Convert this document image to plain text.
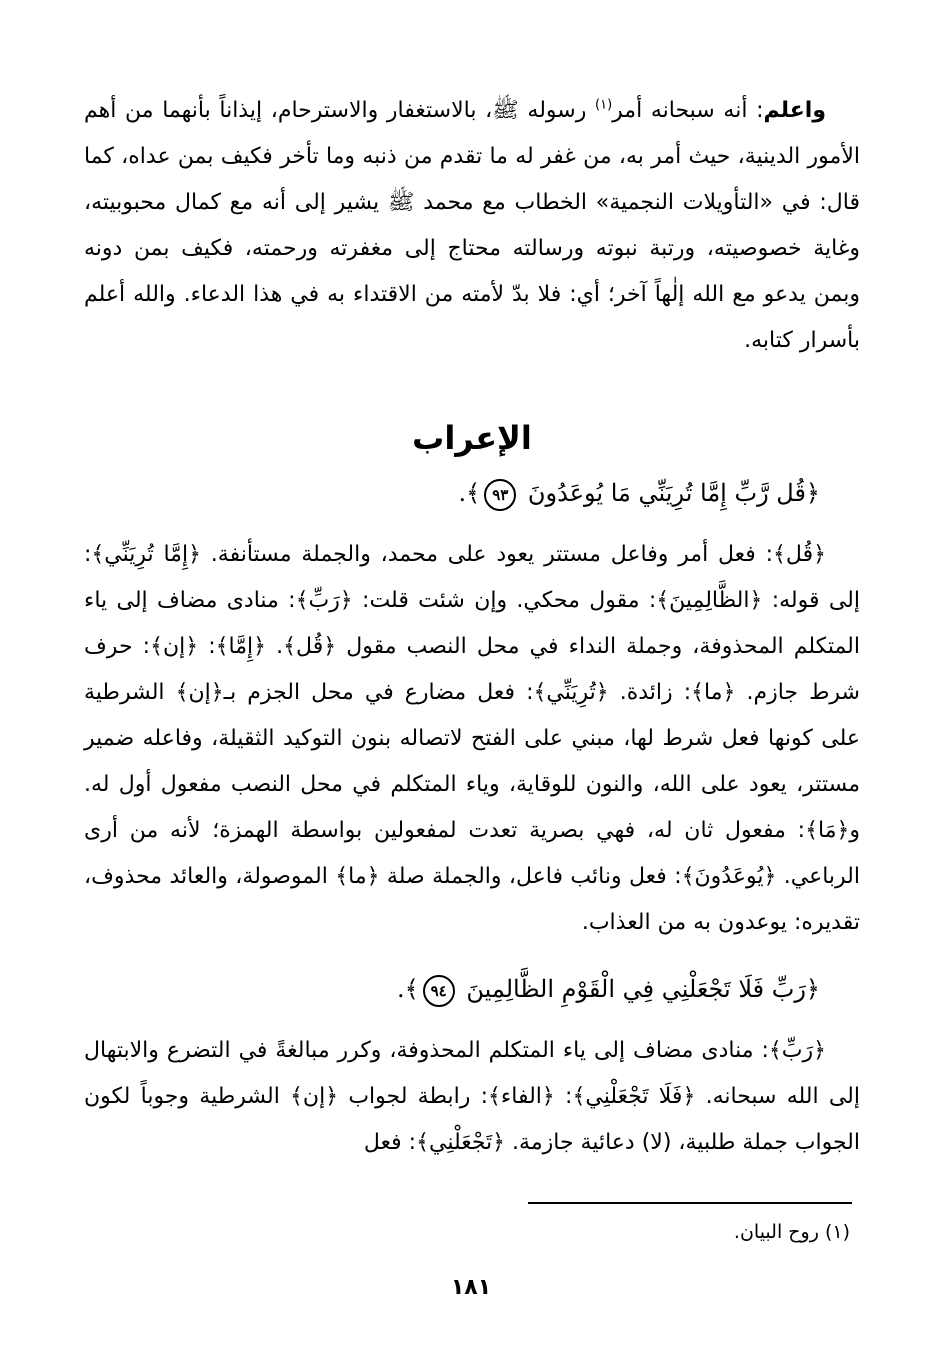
واعلم: أنه سبحانه أمر$^{(١)}$ رسوله ﷺ، بالاستغفار والاسترحام، إيذاناً بأنهما من أهم الأمور الدينية، حيث أمر به، من غفر له ما تقدم من ذنبه وما تأخر فكيف بمن عداه، كما قال: في «التأويلات النجمية» الخطاب مع محمد ﷺ يشير إلى أنه مع كمال محبوبيته، وغاية خصوصيته، ورتبة نبوته ورسالته محتاج إلى مغفرته ورحمته، فكيف بمن دونه وبمن يدعو مع الله إلٰهاً آخر؛ أي: فلا بدّ لأمته من الاقتداء به في هذا الدعاء. والله أعلم بأسرار كتابه.

الإعراب

﴿قُل رَّبِّ إِمَّا تُرِيَنِّي مَا يُوعَدُونَ ٩٣﴾.

﴿قُل﴾: فعل أمر وفاعل مستتر يعود على محمد، والجملة مستأنفة. ﴿إِمَّا تُرِيَنِّي﴾: إلى قوله: ﴿الظَّالِمِينَ﴾: مقول محكي. وإن شئت قلت: ﴿رَبِّ﴾: منادى مضاف إلى ياء المتكلم المحذوفة، وجملة النداء في محل النصب مقول ﴿قُل﴾. ﴿إِمَّا﴾: ﴿إن﴾: حرف شرط جازم. ﴿ما﴾: زائدة. ﴿تُرِيَنِّي﴾: فعل مضارع في محل الجزم بـ﴿إن﴾ الشرطية على كونها فعل شرط لها، مبني على الفتح لاتصاله بنون التوكيد الثقيلة، وفاعله ضمير مستتر، يعود على الله، والنون للوقاية، وياء المتكلم في محل النصب مفعول أول له. و﴿مَا﴾: مفعول ثان له، فهي بصرية تعدت لمفعولين بواسطة الهمزة؛ لأنه من أرى الرباعي. ﴿يُوعَدُونَ﴾: فعل ونائب فاعل، والجملة صلة ﴿ما﴾ الموصولة، والعائد محذوف، تقديره: يوعدون به من العذاب.

﴿رَبِّ فَلَا تَجْعَلْنِي فِي الْقَوْمِ الظَّالِمِينَ ٩٤﴾.

﴿رَبِّ﴾: منادى مضاف إلى ياء المتكلم المحذوفة، وكرر مبالغةً في التضرع والابتهال إلى الله سبحانه. ﴿فَلَا تَجْعَلْنِي﴾: ﴿الفاء﴾: رابطة لجواب ﴿إن﴾ الشرطية وجوباً لكون الجواب جملة طلبية، (لا) دعائية جازمة. ﴿تَجْعَلْنِي﴾: فعل

(١) روح البيان.
١٨١
